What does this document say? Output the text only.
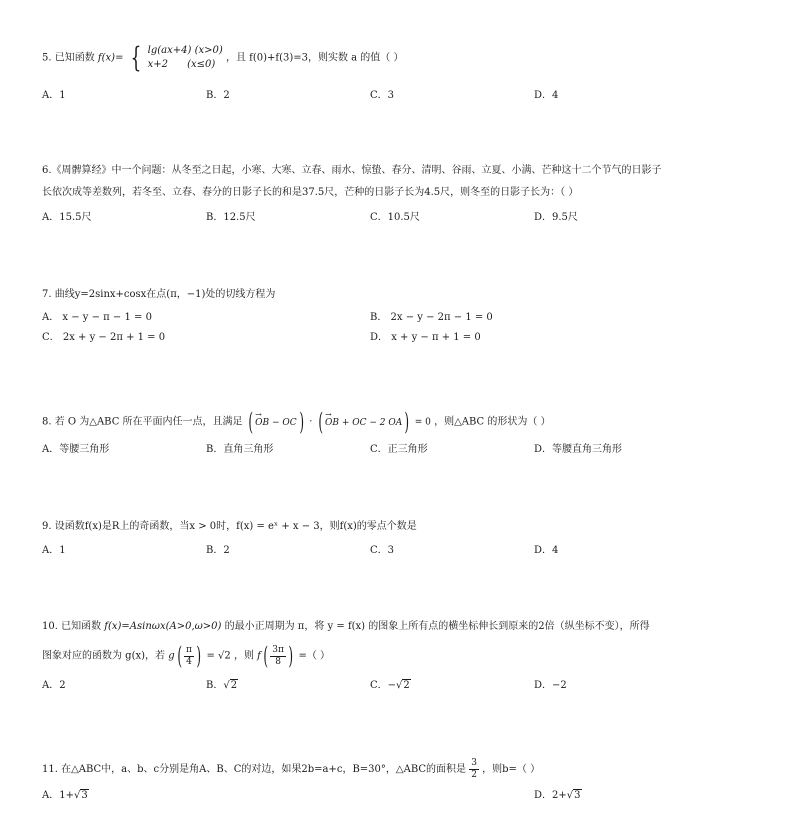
5. 已知函数 f(x)= { lg(ax+4) (x>0)
x+2      (x≤0)
，且 f(0)+f(3)=3，则实数 a 的值（ ）
A．1	B．2	C．3	D．4
6.《周髀算经》中一个问题：从冬至之日起，小寒、大寒、立春、雨水、惊蛰、春分、清明、谷雨、立夏、小满、芒种这十二个节气的日影子
长依次成等差数列，若冬至、立春、春分的日影子长的和是37.5尺，芒种的日影子长为4.5尺，则冬至的日影子长为：（ ）
A．15.5尺	B．12.5尺	C．10.5尺	D．9.5尺
7. 曲线y=2sinx+cosx在点(π，−1)处的切线方程为
A． x − y − π − 1 = 0	B． 2x − y − 2π − 1 = 0
C． 2x + y − 2π + 1 = 0	D． x + y − π + 1 = 0
8. 若 O 为△ABC 所在平面内任一点，且满足 ( → OB − OC) · ( → OB + OC − 2 OA) = 0 ，则△ABC 的形状为（ ）
A．等腰三角形	B．直角三角形	C．正三角形	D．等腰直角三角形
9. 设函数f(x)是R上的奇函数，当x > 0时，f(x) = eˣ + x − 3，则f(x)的零点个数是
A．1	B．2	C．3	D．4
10. 已知函数 f(x)=Asinωx(A>0,ω>0) 的最小正周期为 π，将 y = f(x) 的图象上所有点的横坐标伸长到原来的2倍（纵坐标不变），所得
图象对应的函数为 g(x)，若 $g( \frac{\pi}{4}$ ) = √2 ，则 $f( \frac{3\pi}{8}$ ) =（ ）
A．2	B．√2	C．−√2	D．−2
11. 在△ABC中，a、b、c分别是角A、B、C的对边，如果2b=a+c，B=30°，△ABC的面积是 $\frac{3}{2}$ ，则b=（ ）
A．1+√3	D．2+√3
